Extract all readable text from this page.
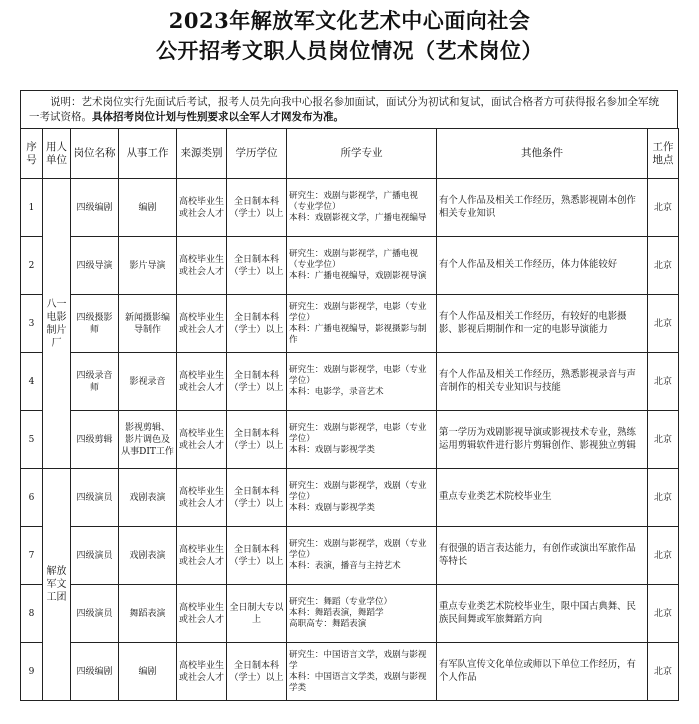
2023年解放军文化艺术中心面向社会
公开招考文职人员岗位情况（艺术岗位）
说明：艺术岗位实行先面试后考试，报考人员先向我中心报名参加面试，面试分为初试和复试，面试合格者方可获得报名参加全军统一考试资格。具体招考岗位计划与性别要求以全军人才网发布为准。
序号	用人单位	岗位名称	从事工作	来源类别	学历学位	所学专业	其他条件	工作地点
1	八一电影制片厂	四级编剧	编剧	高校毕业生或社会人才	全日制本科（学士）以上	研究生：戏剧与影视学，广播电视（专业学位）
本科：戏剧影视文学，广播电视编导	有个人作品及相关工作经历，熟悉影视剧本创作相关专业知识	北京
2		四级导演	影片导演	高校毕业生或社会人才	全日制本科（学士）以上	研究生：戏剧与影视学，广播电视（专业学位）
本科：广播电视编导，戏剧影视导演	有个人作品及相关工作经历，体力体能较好	北京
3		四级摄影师	新闻摄影编导制作	高校毕业生或社会人才	全日制本科（学士）以上	研究生：戏剧与影视学，电影（专业学位）
本科：广播电视编导，影视摄影与制作	有个人作品及相关工作经历，有较好的电影摄影、影视后期制作和一定的电影导演能力	北京
4		四级录音师	影视录音	高校毕业生或社会人才	全日制本科（学士）以上	研究生：戏剧与影视学，电影（专业学位）
本科：电影学，录音艺术	有个人作品及相关工作经历，熟悉影视录音与声音制作的相关专业知识与技能	北京
5		四级剪辑	影视剪辑、影片调色及从事DIT工作	高校毕业生或社会人才	全日制本科（学士）以上	研究生：戏剧与影视学，电影（专业学位）
本科：戏剧与影视学类	第一学历为戏剧影视导演或影视技术专业，熟练运用剪辑软件进行影片剪辑创作、影视独立剪辑	北京
6	解放军文工团	四级演员	戏剧表演	高校毕业生或社会人才	全日制本科（学士）以上	研究生：戏剧与影视学，戏剧（专业学位）
本科：戏剧与影视学类	重点专业类艺术院校毕业生	北京
7		四级演员	戏剧表演	高校毕业生或社会人才	全日制本科（学士）以上	研究生：戏剧与影视学，戏剧（专业学位）
本科：表演，播音与主持艺术	有很强的语言表达能力，有创作或演出军旅作品等特长	北京
8		四级演员	舞蹈表演	高校毕业生或社会人才	全日制大专以上	研究生：舞蹈（专业学位）
本科：舞蹈表演，舞蹈学
高职高专：舞蹈表演	重点专业类艺术院校毕业生，限中国古典舞、民族民间舞或军旅舞蹈方向	北京
9		四级编剧	编剧	高校毕业生或社会人才	全日制本科（学士）以上	研究生：中国语言文学，戏剧与影视学
本科：中国语言文学类，戏剧与影视学类	有军队宣传文化单位或师以下单位工作经历，有个人作品	北京
